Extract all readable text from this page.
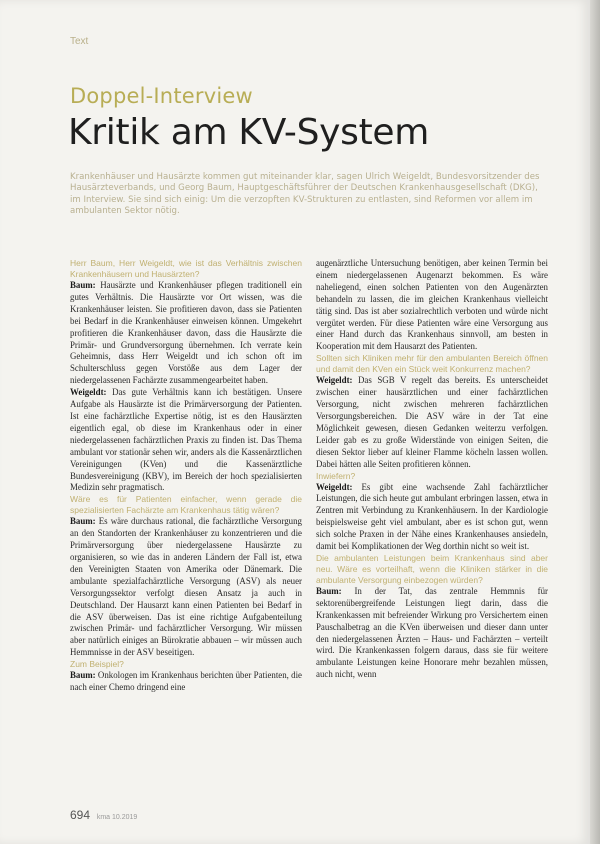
Text
Doppel-Interview
Kritik am KV-System
Krankenhäuser und Hausärzte kommen gut miteinander klar, sagen Ulrich Weigeldt, Bundesvorsitzender des Hausärzteverbands, und Georg Baum, Hauptgeschäftsführer der Deutschen Krankenhausgesellschaft (DKG), im Interview. Sie sind sich einig: Um die verzopften KV-Strukturen zu entlasten, sind Reformen vor allem im ambulanten Sektor nötig.

Herr Baum, Herr Weigeldt, wie ist das Verhältnis zwischen Krankenhäusern und Hausärzten?

Baum: Hausärzte und Krankenhäuser pflegen traditionell ein gutes Verhältnis. Die Hausärzte vor Ort wissen, was die Krankenhäuser leisten. Sie profitieren davon, dass sie Patienten bei Bedarf in die Krankenhäuser einweisen können. Umgekehrt profitieren die Krankenhäuser davon, dass die Hausärzte die Primär- und Grundversorgung übernehmen. Ich verrate kein Geheimnis, dass Herr Weigeldt und ich schon oft im Schulterschluss gegen Vorstöße aus dem Lager der niedergelassenen Fachärzte zusammengearbeitet haben.

Weigeldt: Das gute Verhältnis kann ich bestätigen. Unsere Aufgabe als Hausärzte ist die Primärversorgung der Patienten. Ist eine fachärztliche Expertise nötig, ist es den Hausärzten eigentlich egal, ob diese im Krankenhaus oder in einer niedergelassenen fachärztlichen Praxis zu finden ist. Das Thema ambulant vor stationär sehen wir, anders als die Kassenärztlichen Vereinigungen (KVen) und die Kassenärztliche Bundesvereinigung (KBV), im Bereich der hoch spezialisierten Medizin sehr pragmatisch.

Wäre es für Patienten einfacher, wenn gerade die spezialisierten Fachärzte am Krankenhaus tätig wären?

Baum: Es wäre durchaus rational, die fachärztliche Versorgung an den Standorten der Krankenhäuser zu konzentrieren und die Primärversorgung über niedergelassene Hausärzte zu organisieren, so wie das in anderen Ländern der Fall ist, etwa den Vereinigten Staaten von Amerika oder Dänemark. Die ambulante spezialfachärztliche Versorgung (ASV) als neuer Versorgungssektor verfolgt diesen Ansatz ja auch in Deutschland. Der Hausarzt kann einen Patienten bei Bedarf in die ASV überweisen. Das ist eine richtige Aufgabenteilung zwischen Primär- und fachärztlicher Versorgung. Wir müssen aber natürlich einiges an Bürokratie abbauen – wir müssen auch Hemmnisse in der ASV beseitigen.

Zum Beispiel?

Baum: Onkologen im Krankenhaus berichten über Patienten, die nach einer Chemo dringend eine

augenärztliche Untersuchung benötigen, aber keinen Termin bei einem niedergelassenen Augenarzt bekommen. Es wäre naheliegend, einen solchen Patienten von den Augenärzten behandeln zu lassen, die im gleichen Krankenhaus vielleicht tätig sind. Das ist aber sozialrechtlich verboten und würde nicht vergütet werden. Für diese Patienten wäre eine Versorgung aus einer Hand durch das Krankenhaus sinnvoll, am besten in Kooperation mit dem Hausarzt des Patienten.

Sollten sich Kliniken mehr für den ambulanten Bereich öffnen und damit den KVen ein Stück weit Konkurrenz machen?

Weigeldt: Das SGB V regelt das bereits. Es unterscheidet zwischen einer hausärztlichen und einer fachärztlichen Versorgung, nicht zwischen mehreren fachärztlichen Versorgungsbereichen. Die ASV wäre in der Tat eine Möglichkeit gewesen, diesen Gedanken weiterzu verfolgen. Leider gab es zu große Widerstände von einigen Seiten, die diesen Sektor lieber auf kleiner Flamme köcheln lassen wollen. Dabei hätten alle Seiten profitieren können.

Inwiefern?

Weigeldt: Es gibt eine wachsende Zahl fachärztlicher Leistungen, die sich heute gut ambulant erbringen lassen, etwa in Zentren mit Verbindung zu Krankenhäusern. In der Kardiologie beispielsweise geht viel ambulant, aber es ist schon gut, wenn sich solche Praxen in der Nähe eines Krankenhauses ansiedeln, damit bei Komplikationen der Weg dorthin nicht so weit ist.

Die ambulanten Leistungen beim Krankenhaus sind aber neu. Wäre es vorteilhaft, wenn die Kliniken stärker in die ambulante Versorgung einbezogen würden?

Baum: In der Tat, das zentrale Hemmnis für sektorenübergreifende Leistungen liegt darin, dass die Krankenkassen mit befreiender Wirkung pro Versichertem einen Pauschalbetrag an die KVen überweisen und dieser dann unter den niedergelassenen Ärzten – Haus- und Fachärzten – verteilt wird. Die Krankenkassen folgern daraus, dass sie für weitere ambulante Leistungen keine Honorare mehr bezahlen müssen, auch nicht, wenn

694 kma 10.2019
